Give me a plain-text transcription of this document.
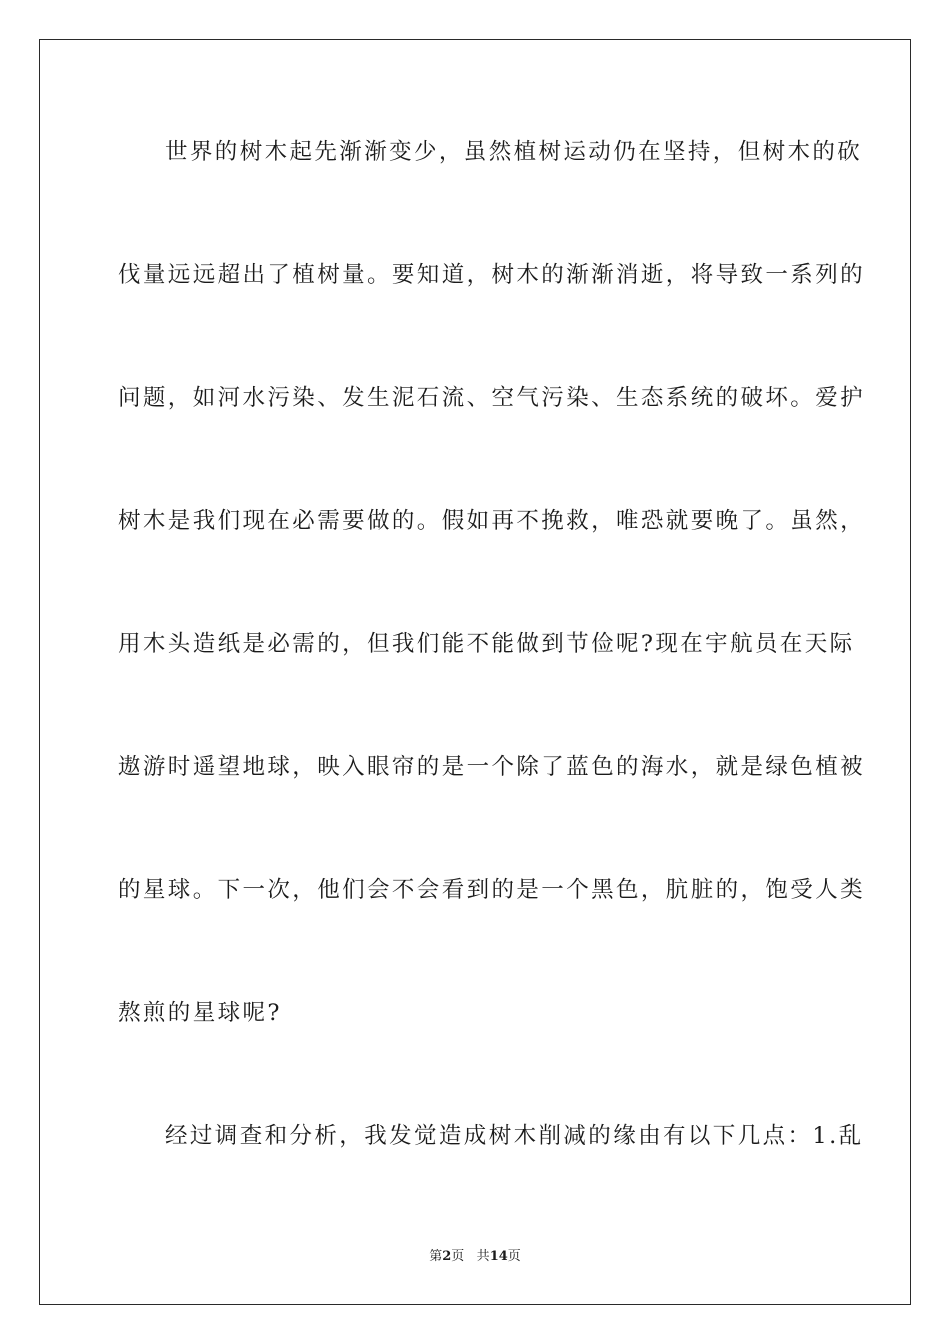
世界的树木起先渐渐变少，虽然植树运动仍在坚持，但树木的砍
伐量远远超出了植树量。要知道，树木的渐渐消逝，将导致一系列的
问题，如河水污染、发生泥石流、空气污染、生态系统的破坏。爱护
树木是我们现在必需要做的。假如再不挽救，唯恐就要晚了。虽然，
用木头造纸是必需的，但我们能不能做到节俭呢?现在宇航员在天际
遨游时遥望地球，映入眼帘的是一个除了蓝色的海水，就是绿色植被
的星球。下一次，他们会不会看到的是一个黑色，肮脏的，饱受人类
熬煎的星球呢?
经过调查和分析，我发觉造成树木削减的缘由有以下几点：1.乱
第2页 共14页
